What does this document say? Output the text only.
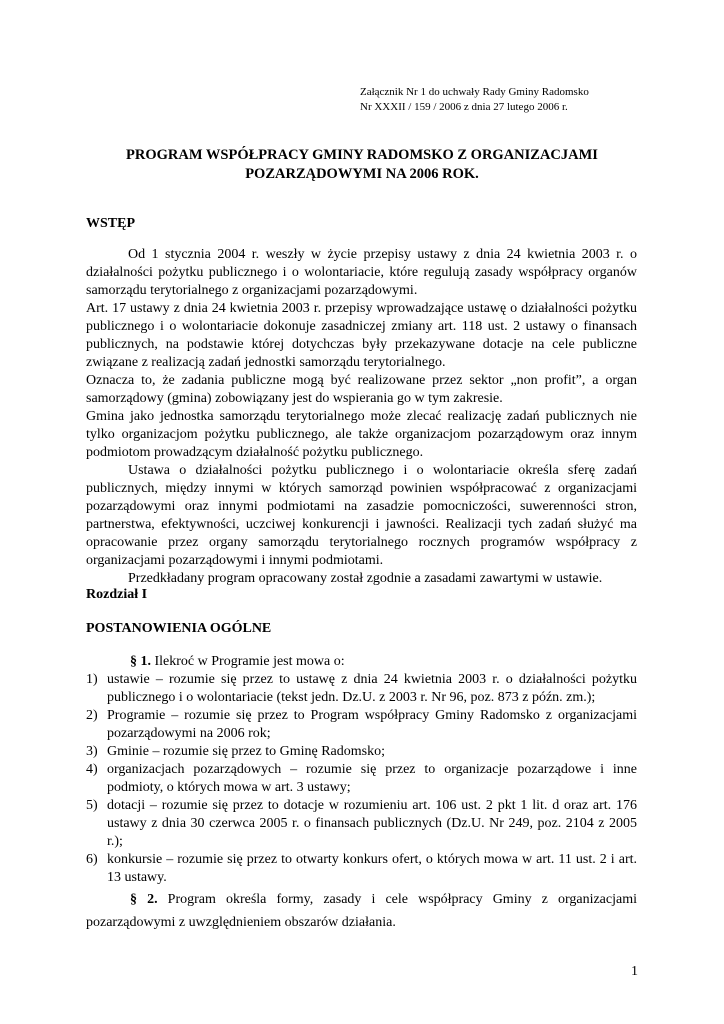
Załącznik Nr 1 do uchwały Rady Gminy Radomsko
Nr XXXII / 159 / 2006 z dnia 27 lutego 2006 r.
PROGRAM WSPÓŁPRACY GMINY RADOMSKO Z ORGANIZACJAMI
POZARZĄDOWYMI NA 2006 ROK.
WSTĘP

Od 1 stycznia 2004 r. weszły w życie przepisy ustawy z dnia 24 kwietnia 2003 r. o działalności pożytku publicznego i o wolontariacie, które regulują zasady współpracy organów samorządu terytorialnego z organizacjami pozarządowymi.

Art. 17 ustawy z dnia 24 kwietnia 2003 r. przepisy wprowadzające ustawę o działalności pożytku publicznego i o wolontariacie dokonuje zasadniczej zmiany art. 118 ust. 2 ustawy o finansach publicznych, na podstawie której dotychczas były przekazywane dotacje na cele publiczne związane z realizacją zadań jednostki samorządu terytorialnego.

Oznacza to, że zadania publiczne mogą być realizowane przez sektor „non profit”, a organ samorządowy (gmina) zobowiązany jest do wspierania go w tym zakresie.

Gmina jako jednostka samorządu terytorialnego może zlecać realizację zadań publicznych nie tylko organizacjom pożytku publicznego, ale także organizacjom pozarządowym oraz innym podmiotom prowadzącym działalność pożytku publicznego.

Ustawa o działalności pożytku publicznego i o wolontariacie określa sferę zadań publicznych, między innymi w których samorząd powinien współpracować z organizacjami pozarządowymi oraz innymi podmiotami na zasadzie pomocniczości, suwerenności stron, partnerstwa, efektywności, uczciwej konkurencji i jawności. Realizacji tych zadań służyć ma opracowanie przez organy samorządu terytorialnego rocznych programów współpracy z organizacjami pozarządowymi i innymi podmiotami.

Przedkładany program opracowany został zgodnie a zasadami zawartymi w ustawie.

Rozdział I
POSTANOWIENIA OGÓLNE
§ 1. Ilekroć w Programie jest mowa o:
1) ustawie – rozumie się przez to ustawę z dnia 24 kwietnia 2003 r. o działalności pożytku publicznego i o wolontariacie (tekst jedn. Dz.U. z 2003 r. Nr 96, poz. 873 z późn. zm.);
2) Programie – rozumie się przez to Program współpracy Gminy Radomsko z organizacjami pozarządowymi na 2006 rok;
3) Gminie – rozumie się przez to Gminę Radomsko;
4) organizacjach pozarządowych – rozumie się przez to organizacje pozarządowe i inne podmioty, o których mowa w art. 3 ustawy;
5) dotacji – rozumie się przez to dotacje w rozumieniu art. 106 ust. 2 pkt 1 lit. d oraz art. 176 ustawy z dnia 30 czerwca 2005 r. o finansach publicznych (Dz.U. Nr 249, poz. 2104 z 2005 r.);
6) konkursie – rozumie się przez to otwarty konkurs ofert, o których mowa w art. 11 ust. 2 i art. 13 ustawy.
§ 2. Program określa formy, zasady i cele współpracy Gminy z organizacjami pozarządowymi z uwzględnieniem obszarów działania.
1
